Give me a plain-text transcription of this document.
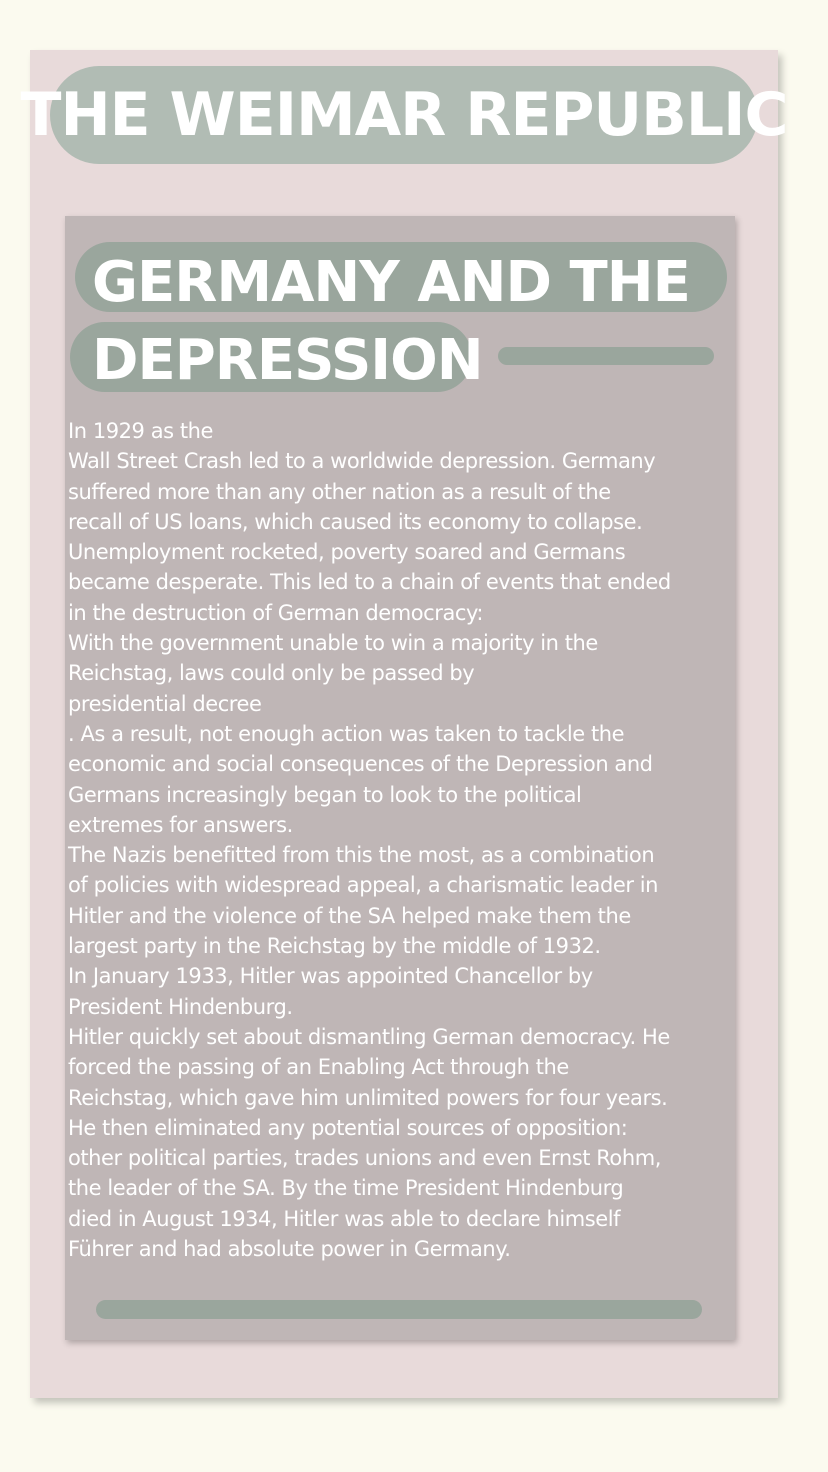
THE WEIMAR REPUBLIC
GERMANY AND THE
DEPRESSION
In 1929 as the
Wall Street Crash led to a worldwide depression. Germany
suffered more than any other nation as a result of the
recall of US loans, which caused its economy to collapse.
Unemployment rocketed, poverty soared and Germans
became desperate. This led to a chain of events that ended
in the destruction of German democracy:
With the government unable to win a majority in the
Reichstag, laws could only be passed by
presidential decree
. As a result, not enough action was taken to tackle the
economic and social consequences of the Depression and
Germans increasingly began to look to the political
extremes for answers.
The Nazis benefitted from this the most, as a combination
of policies with widespread appeal, a charismatic leader in
Hitler and the violence of the SA helped make them the
largest party in the Reichstag by the middle of 1932.
In January 1933, Hitler was appointed Chancellor by
President Hindenburg.
Hitler quickly set about dismantling German democracy. He
forced the passing of an Enabling Act through the
Reichstag, which gave him unlimited powers for four years.
He then eliminated any potential sources of opposition:
other political parties, trades unions and even Ernst Rohm,
the leader of the SA. By the time President Hindenburg
died in August 1934, Hitler was able to declare himself
Führer and had absolute power in Germany.
